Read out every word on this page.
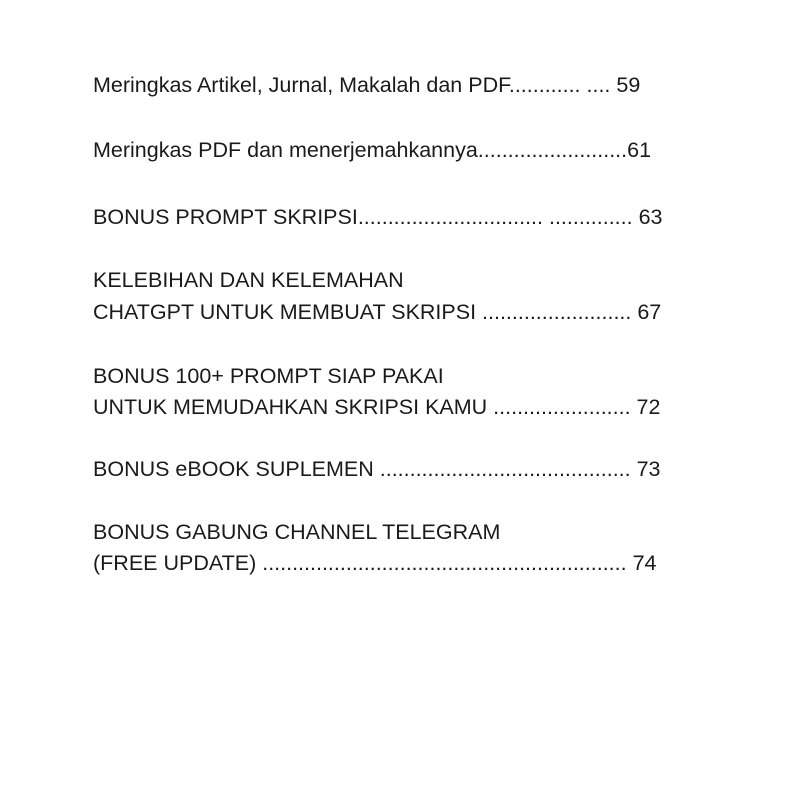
Meringkas Artikel, Jurnal, Makalah dan PDF............ .... 59
Meringkas PDF dan menerjemahkannya.........................61
BONUS PROMPT SKRIPSI............................... .............. 63
KELEBIHAN DAN KELEMAHAN
CHATGPT UNTUK MEMBUAT SKRIPSI ......................... 67
BONUS 100+ PROMPT SIAP PAKAI
UNTUK MEMUDAHKAN SKRIPSI KAMU ....................... 72
BONUS eBOOK SUPLEMEN .......................................... 73
BONUS GABUNG CHANNEL TELEGRAM
(FREE UPDATE) ............................................................. 74
